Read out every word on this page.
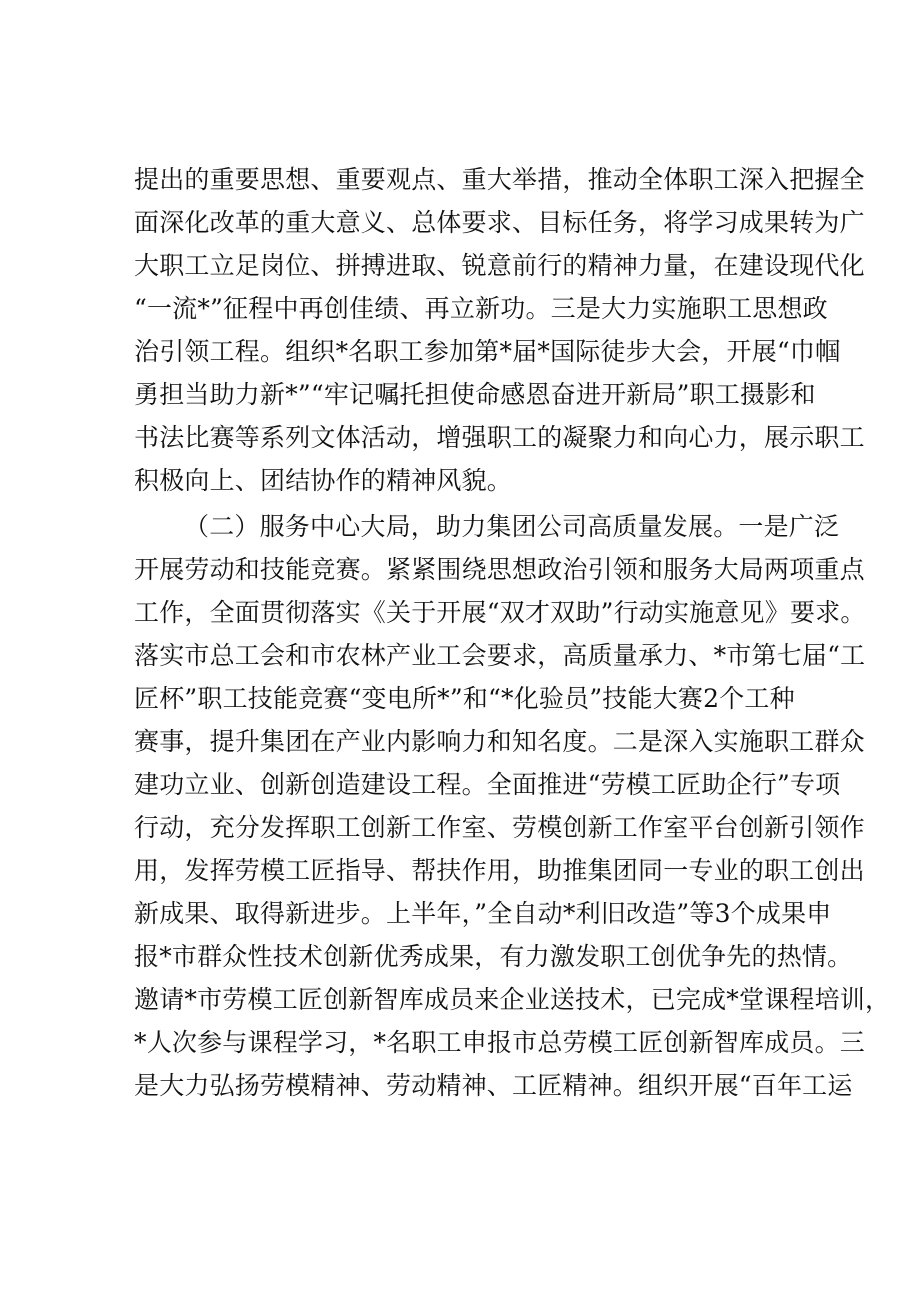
提出的重要思想、重要观点、重大举措，推动全体职工深入把握全
面深化改革的重大意义、总体要求、目标任务，将学习成果转为广
大职工立足岗位、拼搏进取、锐意前行的精神力量，在建设现代化
“一流*”征程中再创佳绩、再立新功。三是大力实施职工思想政
治引领工程。组织*名职工参加第*届*国际徒步大会，开展“巾帼
勇担当助力新*”“牢记嘱托担使命感恩奋进开新局”职工摄影和
书法比赛等系列文体活动，增强职工的凝聚力和向心力，展示职工
积极向上、团结协作的精神风貌。
（二）服务中心大局，助力集团公司高质量发展。一是广泛
开展劳动和技能竞赛。紧紧围绕思想政治引领和服务大局两项重点
工作，全面贯彻落实《关于开展“双才双助”行动实施意见》要求。
落实市总工会和市农林产业工会要求，高质量承力、*市第七届“工
匠杯”职工技能竞赛“变电所*”和“*化验员”技能大赛2个工种
赛事，提升集团在产业内影响力和知名度。二是深入实施职工群众
建功立业、创新创造建设工程。全面推进“劳模工匠助企行”专项
行动，充分发挥职工创新工作室、劳模创新工作室平台创新引领作
用，发挥劳模工匠指导、帮扶作用，助推集团同一专业的职工创出
新成果、取得新进步。上半年，”全自动*利旧改造”等3个成果申
报*市群众性技术创新优秀成果，有力激发职工创优争先的热情。
邀请*市劳模工匠创新智库成员来企业送技术，已完成*堂课程培训，
*人次参与课程学习，*名职工申报市总劳模工匠创新智库成员。三
是大力弘扬劳模精神、劳动精神、工匠精神。组织开展“百年工运
